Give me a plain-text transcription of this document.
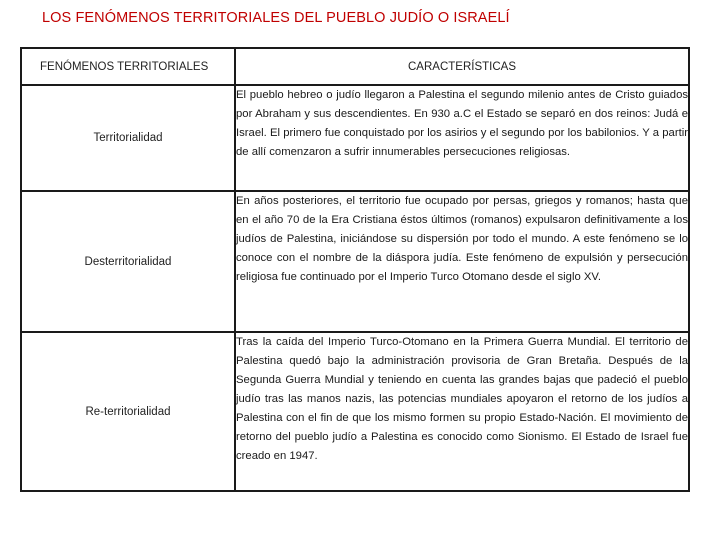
LOS FENÓMENOS TERRITORIALES DEL PUEBLO JUDÍO O ISRAELÍ
FENÓMENOS TERRITORIALES	CARACTERÍSTICAS
Territorialidad	El pueblo hebreo o judío llegaron a Palestina el segundo milenio antes de Cristo guiados por Abraham y sus descendientes. En 930 a.C el Estado se separó en dos reinos: Judá e Israel. El primero fue conquistado por los asirios y el segundo por los babilonios. Y a partir de allí comenzaron a sufrir innumerables persecuciones religiosas.
Desterritorialidad	En años posteriores, el territorio fue ocupado por persas, griegos y romanos; hasta que en el año 70 de la Era Cristiana éstos últimos (romanos) expulsaron definitivamente a los judíos de Palestina, iniciándose su dispersión por todo el mundo. A este fenómeno se lo conoce con el nombre de la diáspora judía. Este fenómeno de expulsión y persecución religiosa fue continuado por el Imperio Turco Otomano desde el siglo XV.
Re-territorialidad	Tras la caída del Imperio Turco-Otomano en la Primera Guerra Mundial. El territorio de Palestina quedó bajo la administración provisoria de Gran Bretaña. Después de la Segunda Guerra Mundial y teniendo en cuenta las grandes bajas que padeció el pueblo judío tras las manos nazis, las potencias mundiales apoyaron el retorno de los judíos a Palestina con el fin de que los mismo formen su propio Estado-Nación. El movimiento de retorno del pueblo judío a Palestina es conocido como Sionismo. El Estado de Israel fue creado en 1947.
